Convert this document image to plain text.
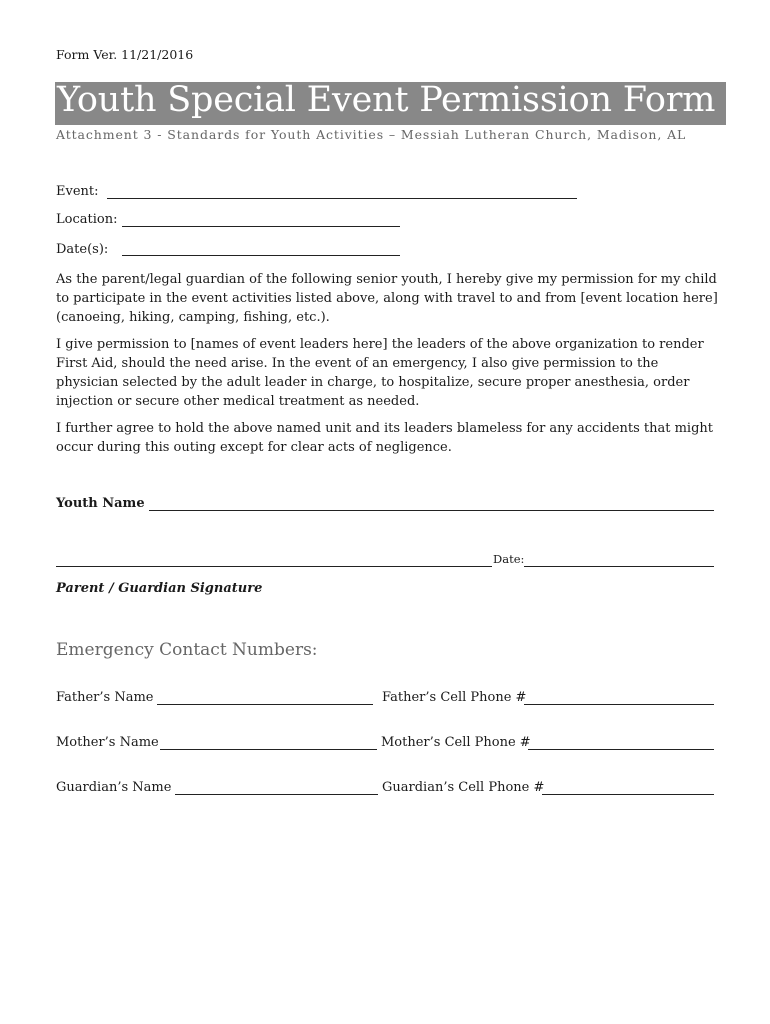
Form Ver. 11/21/2016
Youth Special Event Permission Form
Attachment 3 - Standards for Youth Activities – Messiah Lutheran Church, Madison, AL
Event:
Location:
Date(s):
As the parent/legal guardian of the following senior youth, I hereby give my permission for my child to participate in the event activities listed above, along with travel to and from [event location here] (canoeing, hiking, camping, fishing, etc.).
I give permission to [names of event leaders here] the leaders of the above organization to render First Aid, should the need arise. In the event of an emergency, I also give permission to the physician selected by the adult leader in charge, to hospitalize, secure proper anesthesia, order injection or secure other medical treatment as needed.
I further agree to hold the above named unit and its leaders blameless for any accidents that might occur during this outing except for clear acts of negligence.
Youth Name
Date:
Parent / Guardian Signature
Emergency Contact Numbers:
Father’s Name	Father’s Cell Phone #
Mother’s Name	Mother’s Cell Phone #
Guardian’s Name	Guardian’s Cell Phone #
